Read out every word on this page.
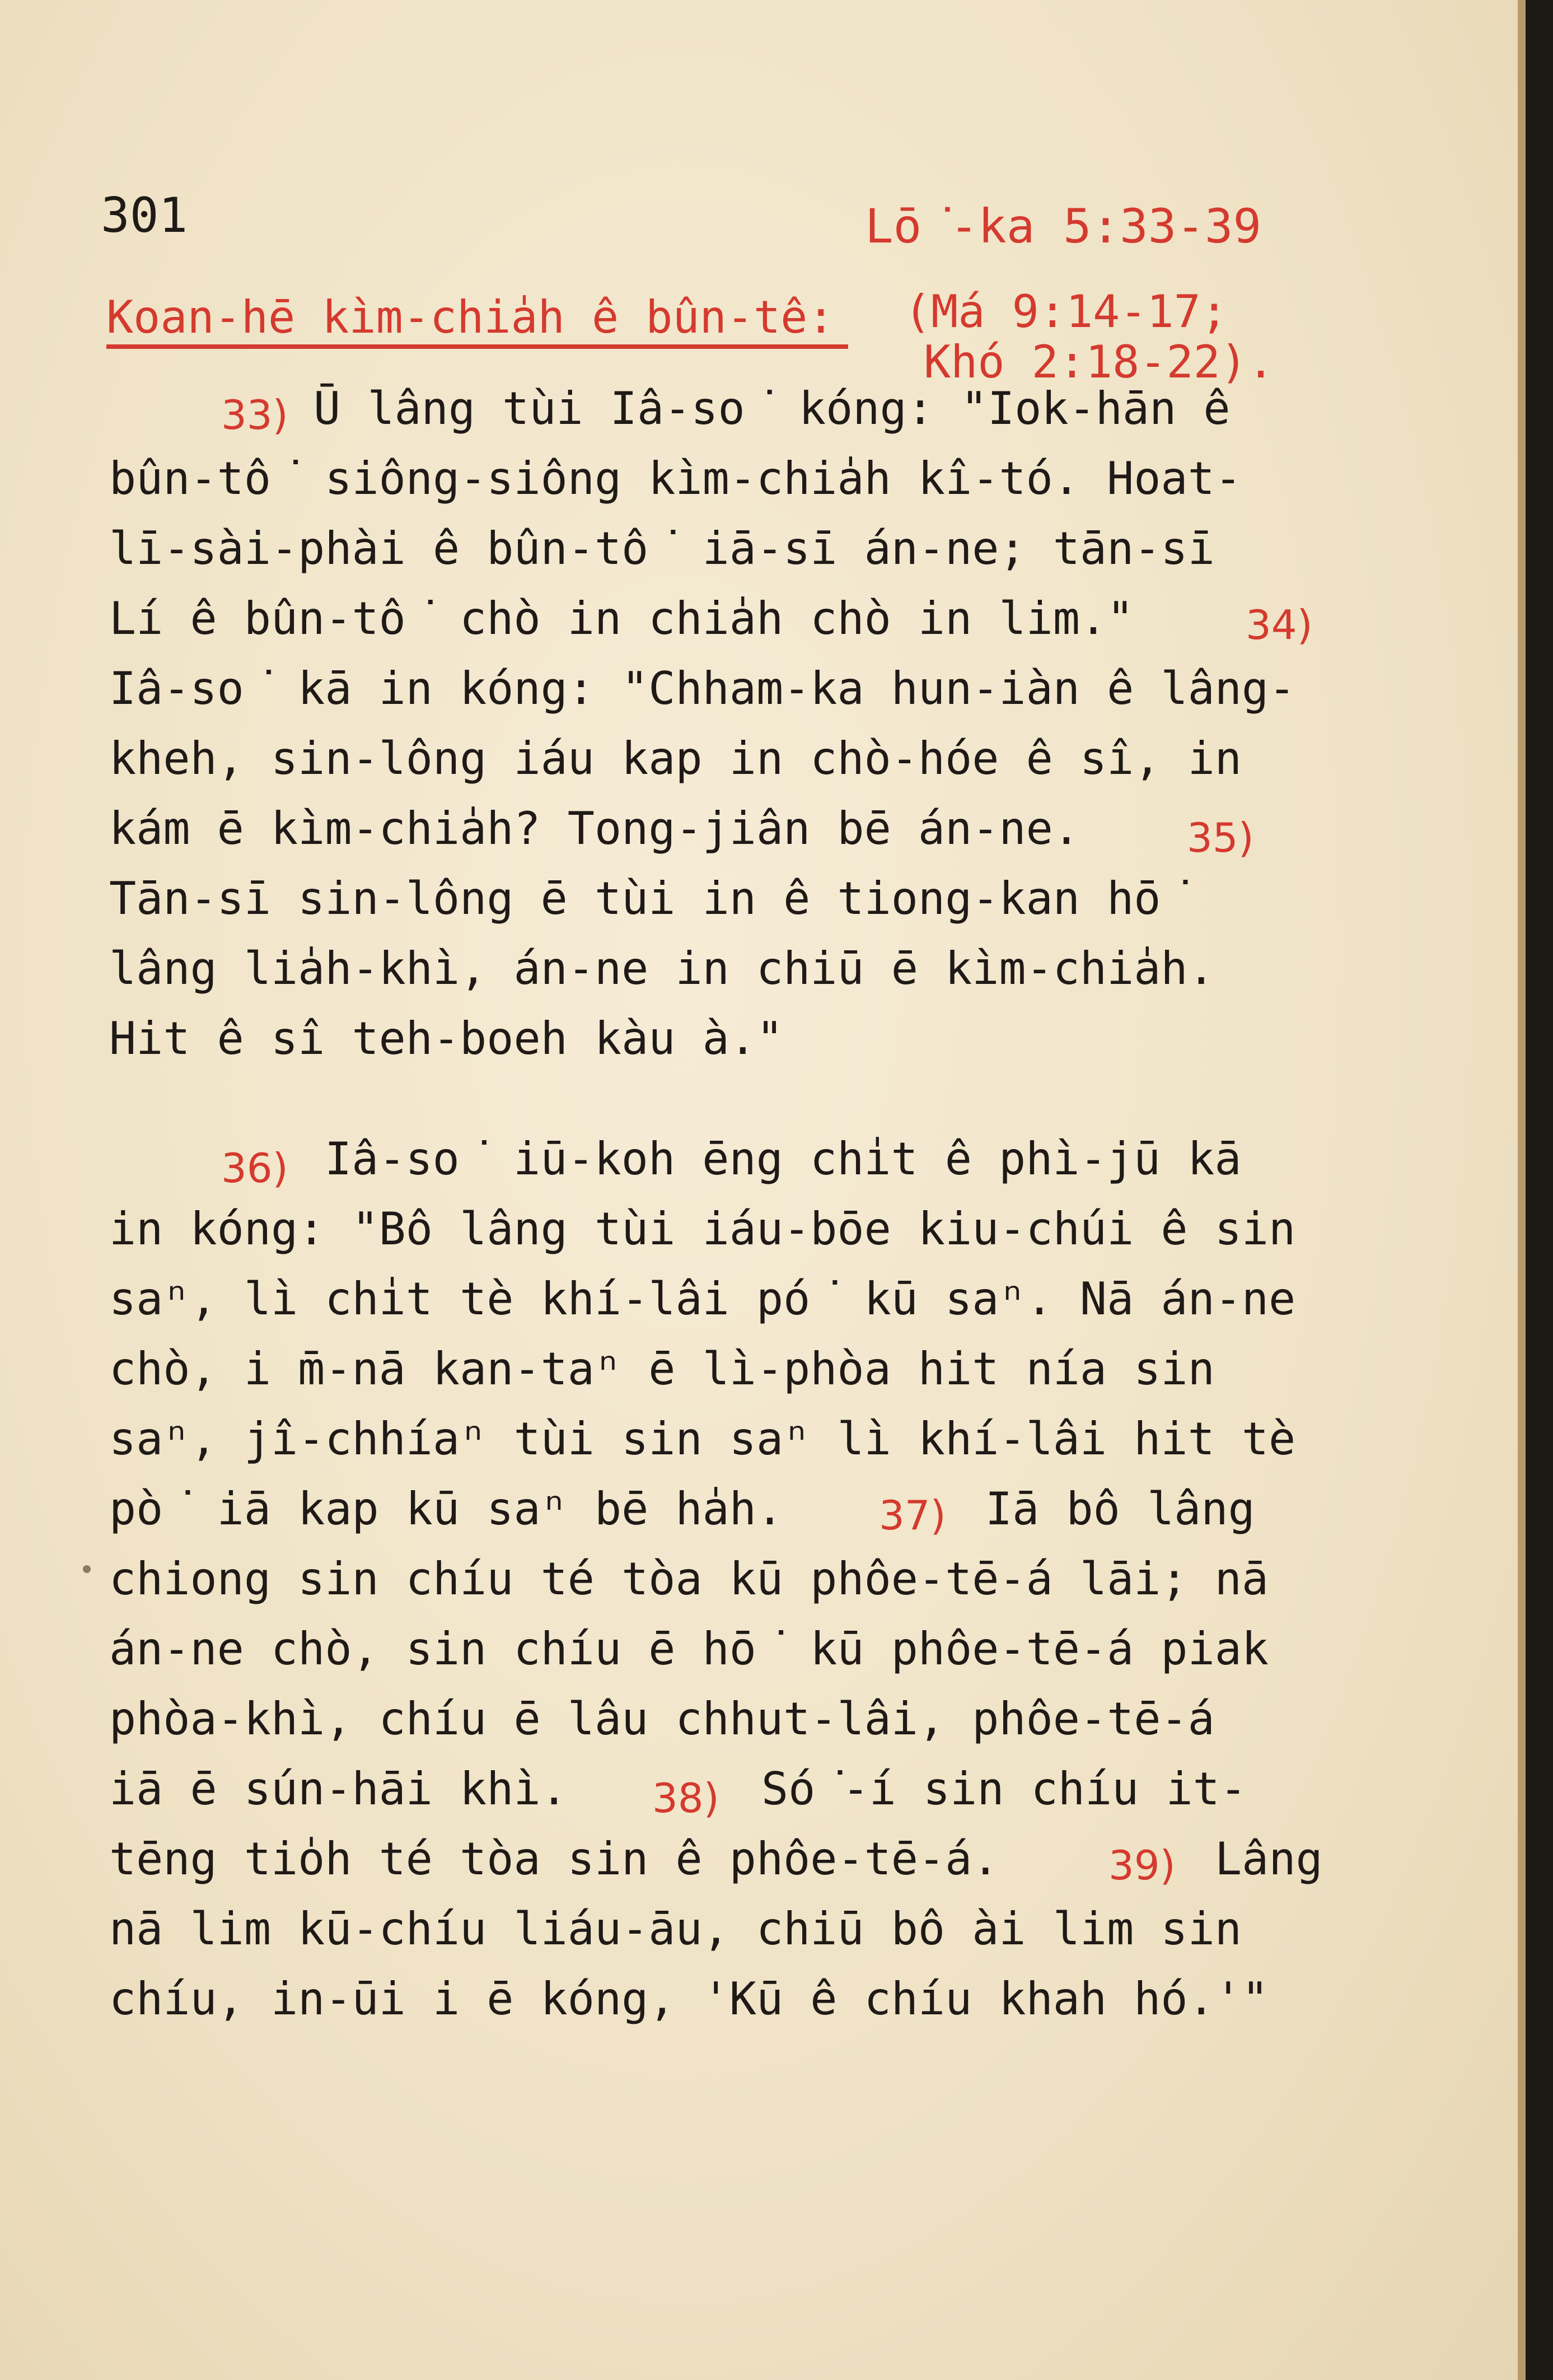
301	Lō͘-ka 5:33-39
Koan-hē kìm-chia̍h ê bûn-tê: (Má 9:14-17;
Khó 2:18-22).
33) Ū lâng tùi Iâ-so͘ kóng: "Iok-hān ê
bûn-tô͘ siông-siông kìm-chia̍h kî-tó. Hoat-
lī-sài-phài ê bûn-tô͘ iā-sī án-ne; tān-sī
Lí ê bûn-tô͘ chò in chia̍h chò in lim."	34)
Iâ-so͘ kā in kóng: "Chham-ka hun-iàn ê lâng-
kheh, sin-lông iáu kap in chò-hóe ê sî, in
kám ē kìm-chia̍h? Tong-jiân bē án-ne.	35)
Tān-sī sin-lông ē tùi in ê tiong-kan hō͘
lâng lia̍h-khì, án-ne in chiū ē kìm-chia̍h.
Hit ê sî teh-boeh kàu à."
36) Iâ-so͘ iū-koh ēng chi̍t ê phì-jū kā
in kóng: "Bô lâng tùi iáu-bōe kiu-chúi ê sin
saⁿ, lì chi̍t tè khí-lâi pó͘ kū saⁿ. Nā án-ne
chò, i m̄-nā kan-taⁿ ē lì-phòa hit nía sin
saⁿ, jî-chhíaⁿ tùi sin saⁿ lì khí-lâi hit tè
pò͘ iā kap kū saⁿ bē ha̍h. 37) Iā bô lâng
chiong sin chíu té tòa kū phôe-tē-á lāi; nā
án-ne chò, sin chíu ē hō͘ kū phôe-tē-á piak
phòa-khì, chíu ē lâu chhut-lâi, phôe-tē-á
iā ē sún-hāi khì. 38) Só͘-í sin chíu it-
tēng tio̍h té tòa sin ê phôe-tē-á.	39) Lâng
nā lim kū-chíu liáu-āu, chiū bô ài lim sin
chíu, in-ūi i ē kóng, 'Kū ê chíu khah hó.'"
